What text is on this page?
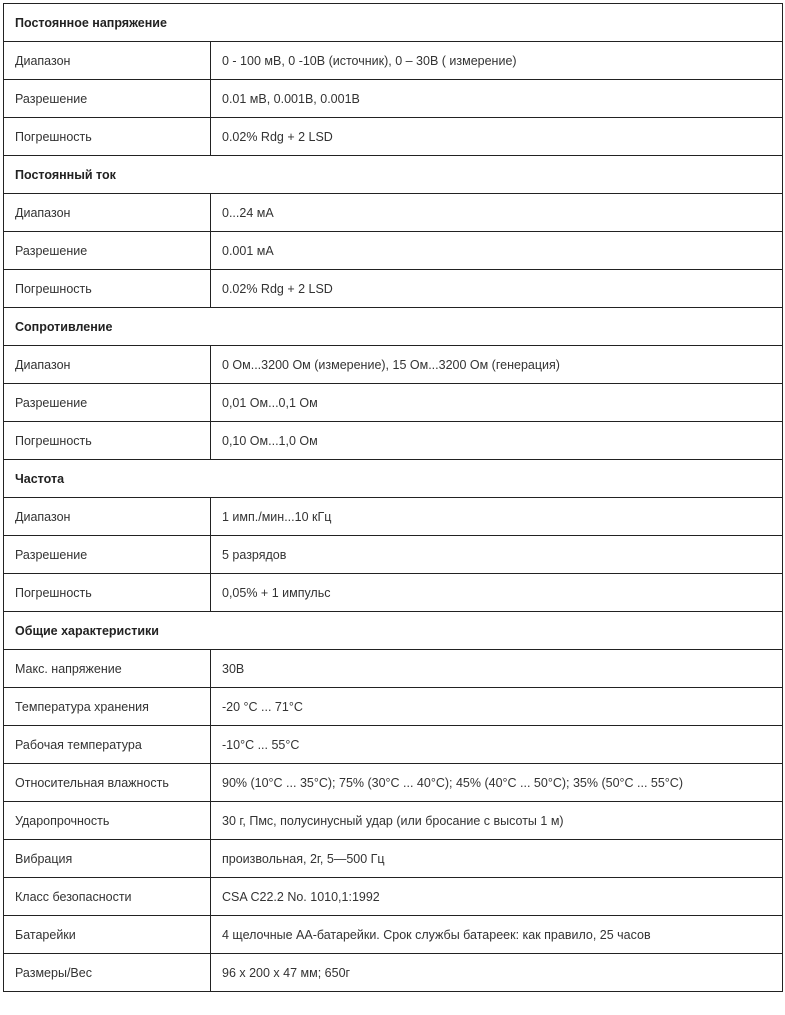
Постоянное напряжение	
Диапазон	0 - 100 мВ, 0 -10В (источник), 0 – 30В ( измерение)
Разрешение	0.01 мВ, 0.001В, 0.001В
Погрешность	0.02% Rdg + 2 LSD
Постоянный ток	
Диапазон	0...24 мА
Разрешение	0.001 мА
Погрешность	0.02% Rdg + 2 LSD
Сопротивление	
Диапазон	0 Ом...3200 Ом (измерение), 15 Ом...3200 Ом (генерация)
Разрешение	0,01 Ом...0,1 Ом
Погрешность	0,10 Ом...1,0 Ом
Частота	
Диапазон	1 имп./мин...10 кГц
Разрешение	5 разрядов
Погрешность	0,05% + 1 импульс
Общие характеристики	
Макс. напряжение	30В
Температура хранения	-20 °C ... 71°C
Рабочая температура	-10°C ... 55°C
Относительная влажность	90% (10°C ... 35°C); 75% (30°C ... 40°C); 45% (40°C ... 50°C); 35% (50°C ... 55°C)
Ударопрочность	30 г, Пмс, полусинусный удар (или бросание с высоты 1 м)
Вибрация	произвольная, 2г, 5—500 Гц
Класс безопасности	CSA C22.2 No. 1010,1:1992
Батарейки	4 щелочные АА-батарейки. Срок службы батареек: как правило, 25 часов
Размеры/Вес	96 x 200 x 47 мм; 650г
